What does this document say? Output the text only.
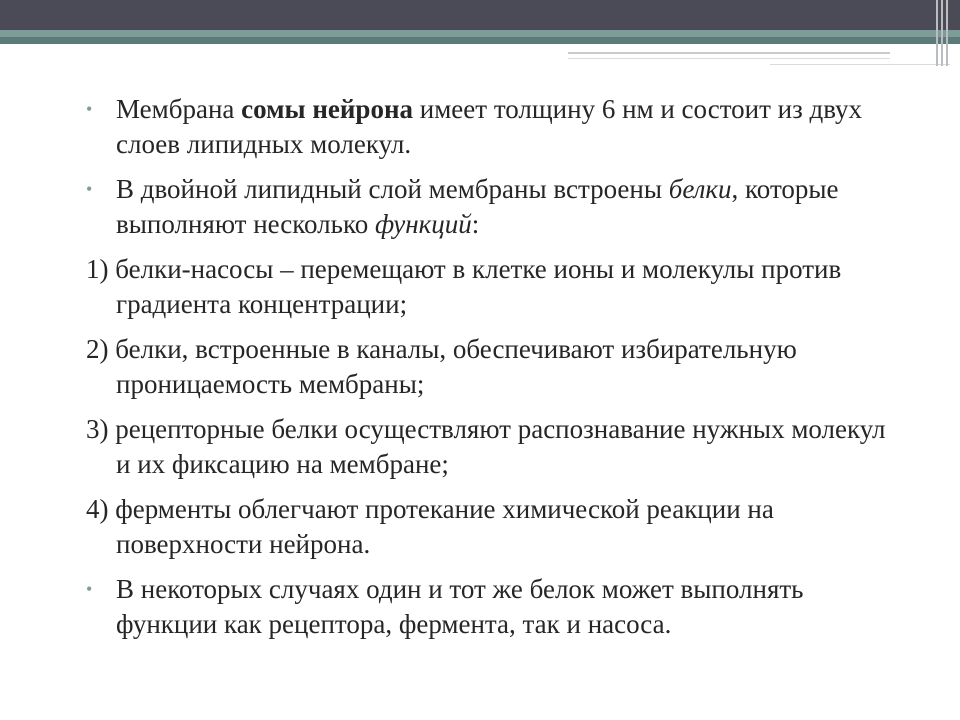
• Мембрана сомы нейрона имеет толщину 6 нм и состоит из двух слоев липидных молекул.
• В двойной липидный слой мембраны встроены белки, которые выполняют несколько функций:
1) белки-насосы – перемещают в клетке ионы и молекулы против градиента концентрации;
2) белки, встроенные в каналы, обеспечивают избирательную проницаемость мембраны;
3) рецепторные белки осуществляют распознавание нужных молекул и их фиксацию на мембране;
4) ферменты облегчают протекание химической реакции на поверхности нейрона.
• В некоторых случаях один и тот же белок может выполнять функции как рецептора, фермента, так и насоса.
